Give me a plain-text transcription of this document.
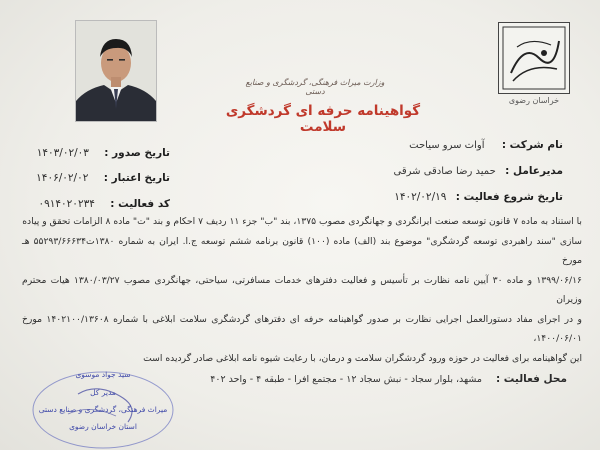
خراسان رضوی
وزارت میراث فرهنگی، گردشگری و صنایع دستی
گواهینامه حرفه ای گردشگری سلامت
نام شرکت : آوات سرو سیاحت
مدیرعامل : حمید رضا صادقی شرقی
تاریخ شروع فعالیت : ۱۴۰۲/۰۲/۱۹
تاریخ صدور : ۱۴۰۳/۰۲/۰۳
تاریخ اعتبار : ۱۴۰۶/۰۲/۰۲
کد فعالیت : ۰۹۱۴۰۲۰۲۳۴

با استناد به ماده ۷ قانون توسعه صنعت ایرانگردی و جهانگردی مصوب ۱۳۷۵، بند "ب" جزء ۱۱ ردیف ۷ احکام و بند "ت" ماده ۸ الزامات تحقق و پیاده

سازی "سند راهبردی توسعه گردشگری" موضوع بند (الف) ماده (۱۰۰) قانون برنامه ششم توسعه ج.ا. ایران به شماره ۱۳۸۰ت۵۵۲۹۳/۶۶۶۳۴ هـ مورخ

۱۳۹۹/۰۶/۱۶ و ماده ۳۰ آیین نامه نظارت بر تأسیس و فعالیت دفترهای خدمات مسافرتی، سیاحتی، جهانگردی مصوب ۱۳۸۰/۰۳/۲۷ هیات محترم وزیران

و در اجرای مفاد دستورالعمل اجرایی نظارت بر صدور گواهینامه حرفه ای دفترهای گردشگری سلامت ابلاغی با شماره ۱۴۰۲۱۰۰/۱۳۶۰۸ مورخ ۱۴۰۰/۰۶/۰۱،

این گواهینامه برای فعالیت در حوزه ورود گردشگران سلامت و درمان، با رعایت شیوه نامه ابلاغی صادر گردیده است

محل فعالیت :
مشهد، بلوار سجاد - نبش سجاد ۱۲ - مجتمع افرا - طبقه ۴ - واحد ۴۰۲
سید جواد موسوی
مدیر کل
میراث فرهنگی، گردشگری و صنایع دستی
استان خراسان رضوی
